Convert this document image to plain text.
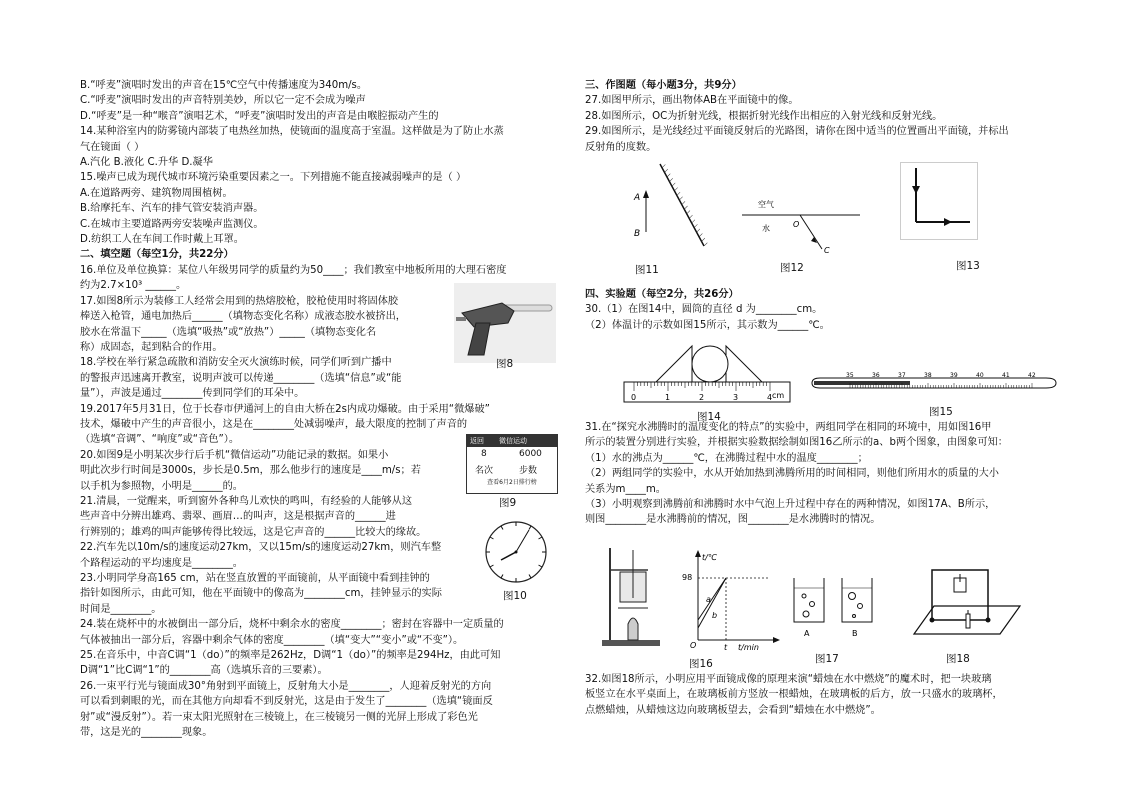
B.“呼麦”演唱时发出的声音在15℃空气中传播速度为340m/s。
C.“呼麦”演唱时发出的声音特别美妙，所以它一定不会成为噪声
D.“呼麦”是一种“喉音”演唱艺术，“呼麦”演唱时发出的声音是由喉腔振动产生的
14.某种浴室内的防雾镜内部装了电热丝加热，使镜面的温度高于室温。这样做是为了防止水蒸
气在镜面（ ）
A.汽化 B.液化 C.升华 D.凝华
15.噪声已成为现代城市环境污染重要因素之一。下列措施不能直接减弱噪声的是（ ）
A.在道路两旁、建筑物周围植树。
B.给摩托车、汽车的排气管安装消声器。
C.在城市主要道路两旁安装噪声监测仪。
D.纺织工人在车间工作时戴上耳罩。
二、填空题（每空1分，共22分）
16.单位及单位换算：某位八年级男同学的质量约为50____；我们教室中地板所用的大理石密度
约为2.7×10³ ______。
17.如图8所示为装修工人经常会用到的热熔胶枪，胶枪使用时将固体胶
棒送入枪管，通电加热后______（填物态变化名称）成液态胶水被挤出，
胶水在常温下_____（选填“吸热”或“放热”）_____（填物态变化名
称）成固态，起到粘合的作用。
18.学校在举行紧急疏散和消防安全灭火演练时候，同学们听到广播中
的警报声迅速离开教室，说明声波可以传递________（选填“信息”或“能
量”），声波是通过________传到同学们的耳朵中。
19.2017年5月31日，位于长春市伊通河上的自由大桥在2s内成功爆破。由于采用“微爆破”
技术，爆破中产生的声音很小，这是在________处减弱噪声，最大限度的控制了声音的
（选填“音调”、“响度”或“音色”）。
20.如图9是小明某次步行后手机“微信运动”功能记录的数据。如果小
明此次步行时间是3000s，步长是0.5m，那么他步行的速度是____m/s；若
以手机为参照物，小明是______的。
21.清晨，一觉醒来，听到窗外各种鸟儿欢快的鸣叫，有经验的人能够从这
些声音中分辨出雄鸡、翡翠、画眉…的叫声，这是根据声音的______进
行辨别的；雄鸡的叫声能够传得比较远，这是它声音的______比较大的缘故。
22.汽车先以10m/s的速度运动27km，又以15m/s的速度运动27km，则汽车整
个路程运动的平均速度是________。
23.小明同学身高165 cm，站在竖直放置的平面镜前，从平面镜中看到挂钟的
指针如图所示，由此可知，他在平面镜中的像高为________cm，挂钟显示的实际
时间是________。
24.装在烧杯中的水被倒出一部分后，烧杯中剩余水的密度________；密封在容器中一定质量的
气体被抽出一部分后，容器中剩余气体的密度________（填“变大”“变小”或“不变”）。
25.在音乐中，中音C调“1（do）”的频率是262Hz，D调“1（do）”的频率是294Hz，由此可知
D调“1”比C调“1”的________高（选填乐音的三要素）。
26.一束平行光与镜面成30°角射到平面镜上，反射角大小是________，人迎着反射光的方向
可以看到刺眼的光，而在其他方向却看不到反射光，这是由于发生了________（选填“镜面反
射”或“漫反射”）。若一束太阳光照射在三棱镜上，在三棱镜另一侧的光屏上形成了彩色光
带，这是光的________现象。
图8
返回 微信运动
8	6000
名次	步数
查看6月2日排行榜
图9
图10
三、作图题（每小题3分，共9分）
27.如图甲所示，画出物体AB在平面镜中的像。
28.如图所示，OC为折射光线，根据折射光线作出相应的入射光线和反射光线。
29.如图所示，是光线经过平面镜反射后的光路图，请你在图中适当的位置画出平面镜，并标出
反射角的度数。
A
B
图11
空气
水	O
C
图12	图13
四、实验题（每空2分，共26分）
30.（1）在图14中，圆筒的直径 d 为________cm。
（2）体温计的示数如图15所示，其示数为______℃。
0	1	2	3	4 cm
图14
35	36	37	38	39	40	41	42
图15
31.在“探究水沸腾时的温度变化的特点”的实验中，两组同学在相同的环境中，用如图16甲
所示的装置分别进行实验，并根据实验数据绘制如图16乙所示的a、b两个图象，由图象可知：
（1）水的沸点为______℃，在沸腾过程中水的温度________；
（2）两组同学的实验中，水从开始加热到沸腾所用的时间相同，则他们所用水的质量的大小
关系为m____m。
（3）小明观察到沸腾前和沸腾时水中气泡上升过程中存在的两种情况，如图17A、B所示，
则图________是水沸腾前的情况，图________是水沸腾时的情况。
t/℃
t/min
98
a
b
O	t
图16
A	B
图17	图18
32.如图18所示，小明应用平面镜成像的原理来演“蜡烛在水中燃烧”的魔术时，把一块玻璃
板竖立在水平桌面上，在玻璃板前方竖放一根蜡烛，在玻璃板的后方，放一只盛水的玻璃杯，
点燃蜡烛，从蜡烛这边向玻璃板望去，会看到“蜡烛在水中燃烧”。
